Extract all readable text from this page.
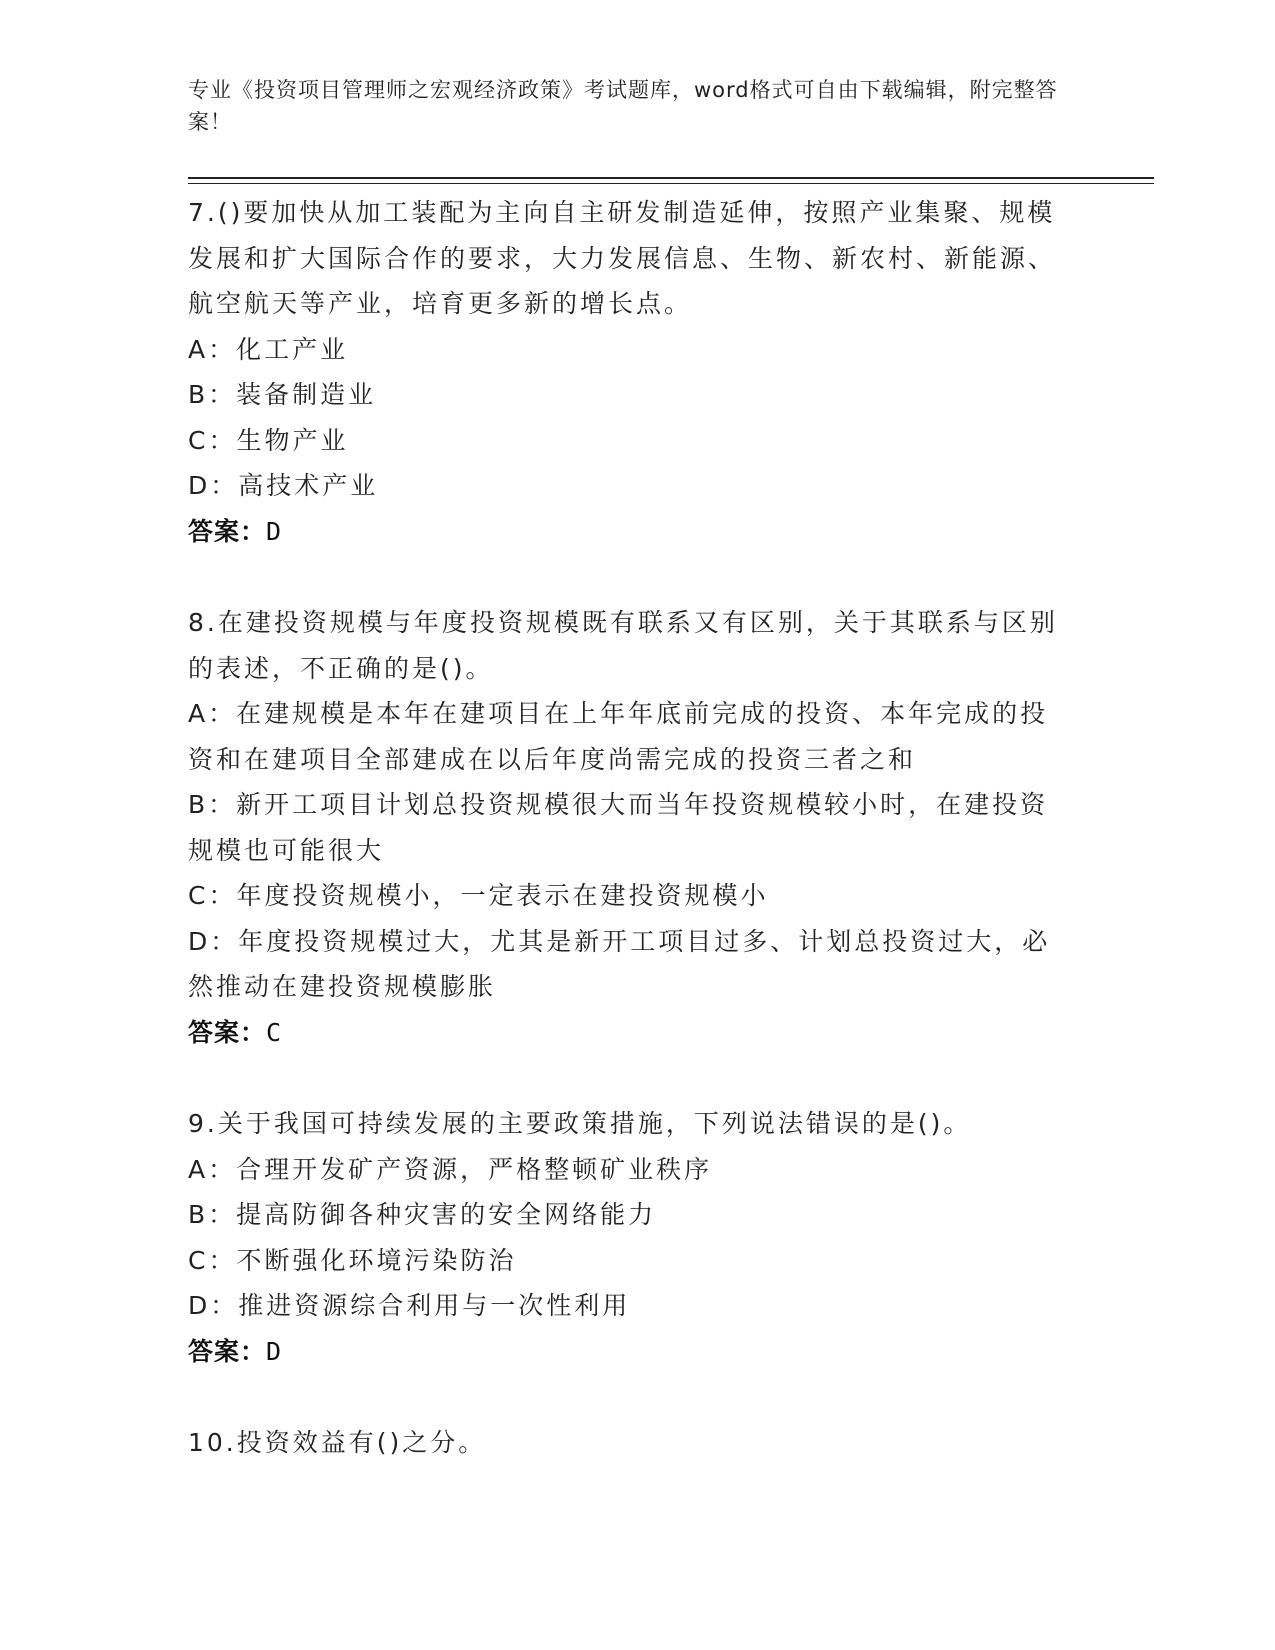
专业《投资项目管理师之宏观经济政策》考试题库，word格式可自由下载编辑，附完整答案！
7.()要加快从加工装配为主向自主研发制造延伸，按照产业集聚、规模发展和扩大国际合作的要求，大力发展信息、生物、新农村、新能源、航空航天等产业，培育更多新的增长点。
A：化工产业
B：装备制造业
C：生物产业
D：高技术产业
答案：D
8.在建投资规模与年度投资规模既有联系又有区别，关于其联系与区别的表述，不正确的是()。
A：在建规模是本年在建项目在上年年底前完成的投资、本年完成的投资和在建项目全部建成在以后年度尚需完成的投资三者之和
B：新开工项目计划总投资规模很大而当年投资规模较小时，在建投资规模也可能很大
C：年度投资规模小，一定表示在建投资规模小
D：年度投资规模过大，尤其是新开工项目过多、计划总投资过大，必然推动在建投资规模膨胀
答案：C
9.关于我国可持续发展的主要政策措施，下列说法错误的是()。
A：合理开发矿产资源，严格整顿矿业秩序
B：提高防御各种灾害的安全网络能力
C：不断强化环境污染防治
D：推进资源综合利用与一次性利用
答案：D
10.投资效益有()之分。
